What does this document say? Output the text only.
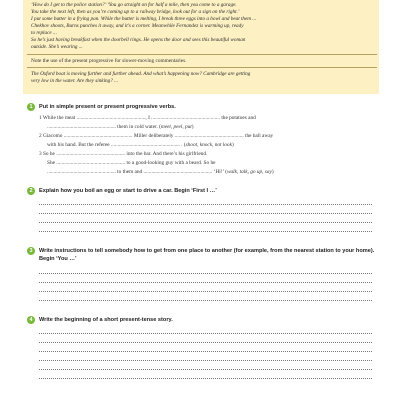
‘How do I get to the police station?’ ‘You go straight on for half a mile, then you come to a garage.
You take the next left, then as you’re coming up to a railway bridge, look out for a sign on the right.’
I put some butter in a frying pan. While the butter is melting, I break three eggs into a bowl and beat them ...
Chekhov shoots, Burns punches it away, and it’s a corner. Meanwhile Fernandez is warming up, ready
to replace ...
So he’s just having breakfast when the doorbell rings. He opens the door and sees this beautiful woman
outside. She’s wearing ...
Note the use of the present progressive for slower-moving commentaries.
The Oxford boat is moving further and further ahead. And what’s happening now? Cambridge are getting
very low in the water. Are they sinking? ...
1	Put in simple present or present progressive verbs.
1 While the meat ...................................................., I .................................................... the potatoes and
.................................................... them in cold water. (meet, peel, put)
2 Giacomo .................................................... Miller deliberately .................................................... the ball away
with his hand. But the referee .................................................... . (shoot, knock, not look)
3 So he .................................................... into the bar. And there’s his girlfriend.
She .................................................... to a good-looking guy with a beard. So he
.................................................... to them and .................................................... ‘Hi!’ (walk, talk, go up, say)
2	Explain how you boil an egg or start to drive a car. Begin ‘First I …’
3	Write instructions to tell somebody how to get from one place to another (for example, from the nearest station to your home). Begin ‘You …’
4	Write the beginning of a short present-tense story.
